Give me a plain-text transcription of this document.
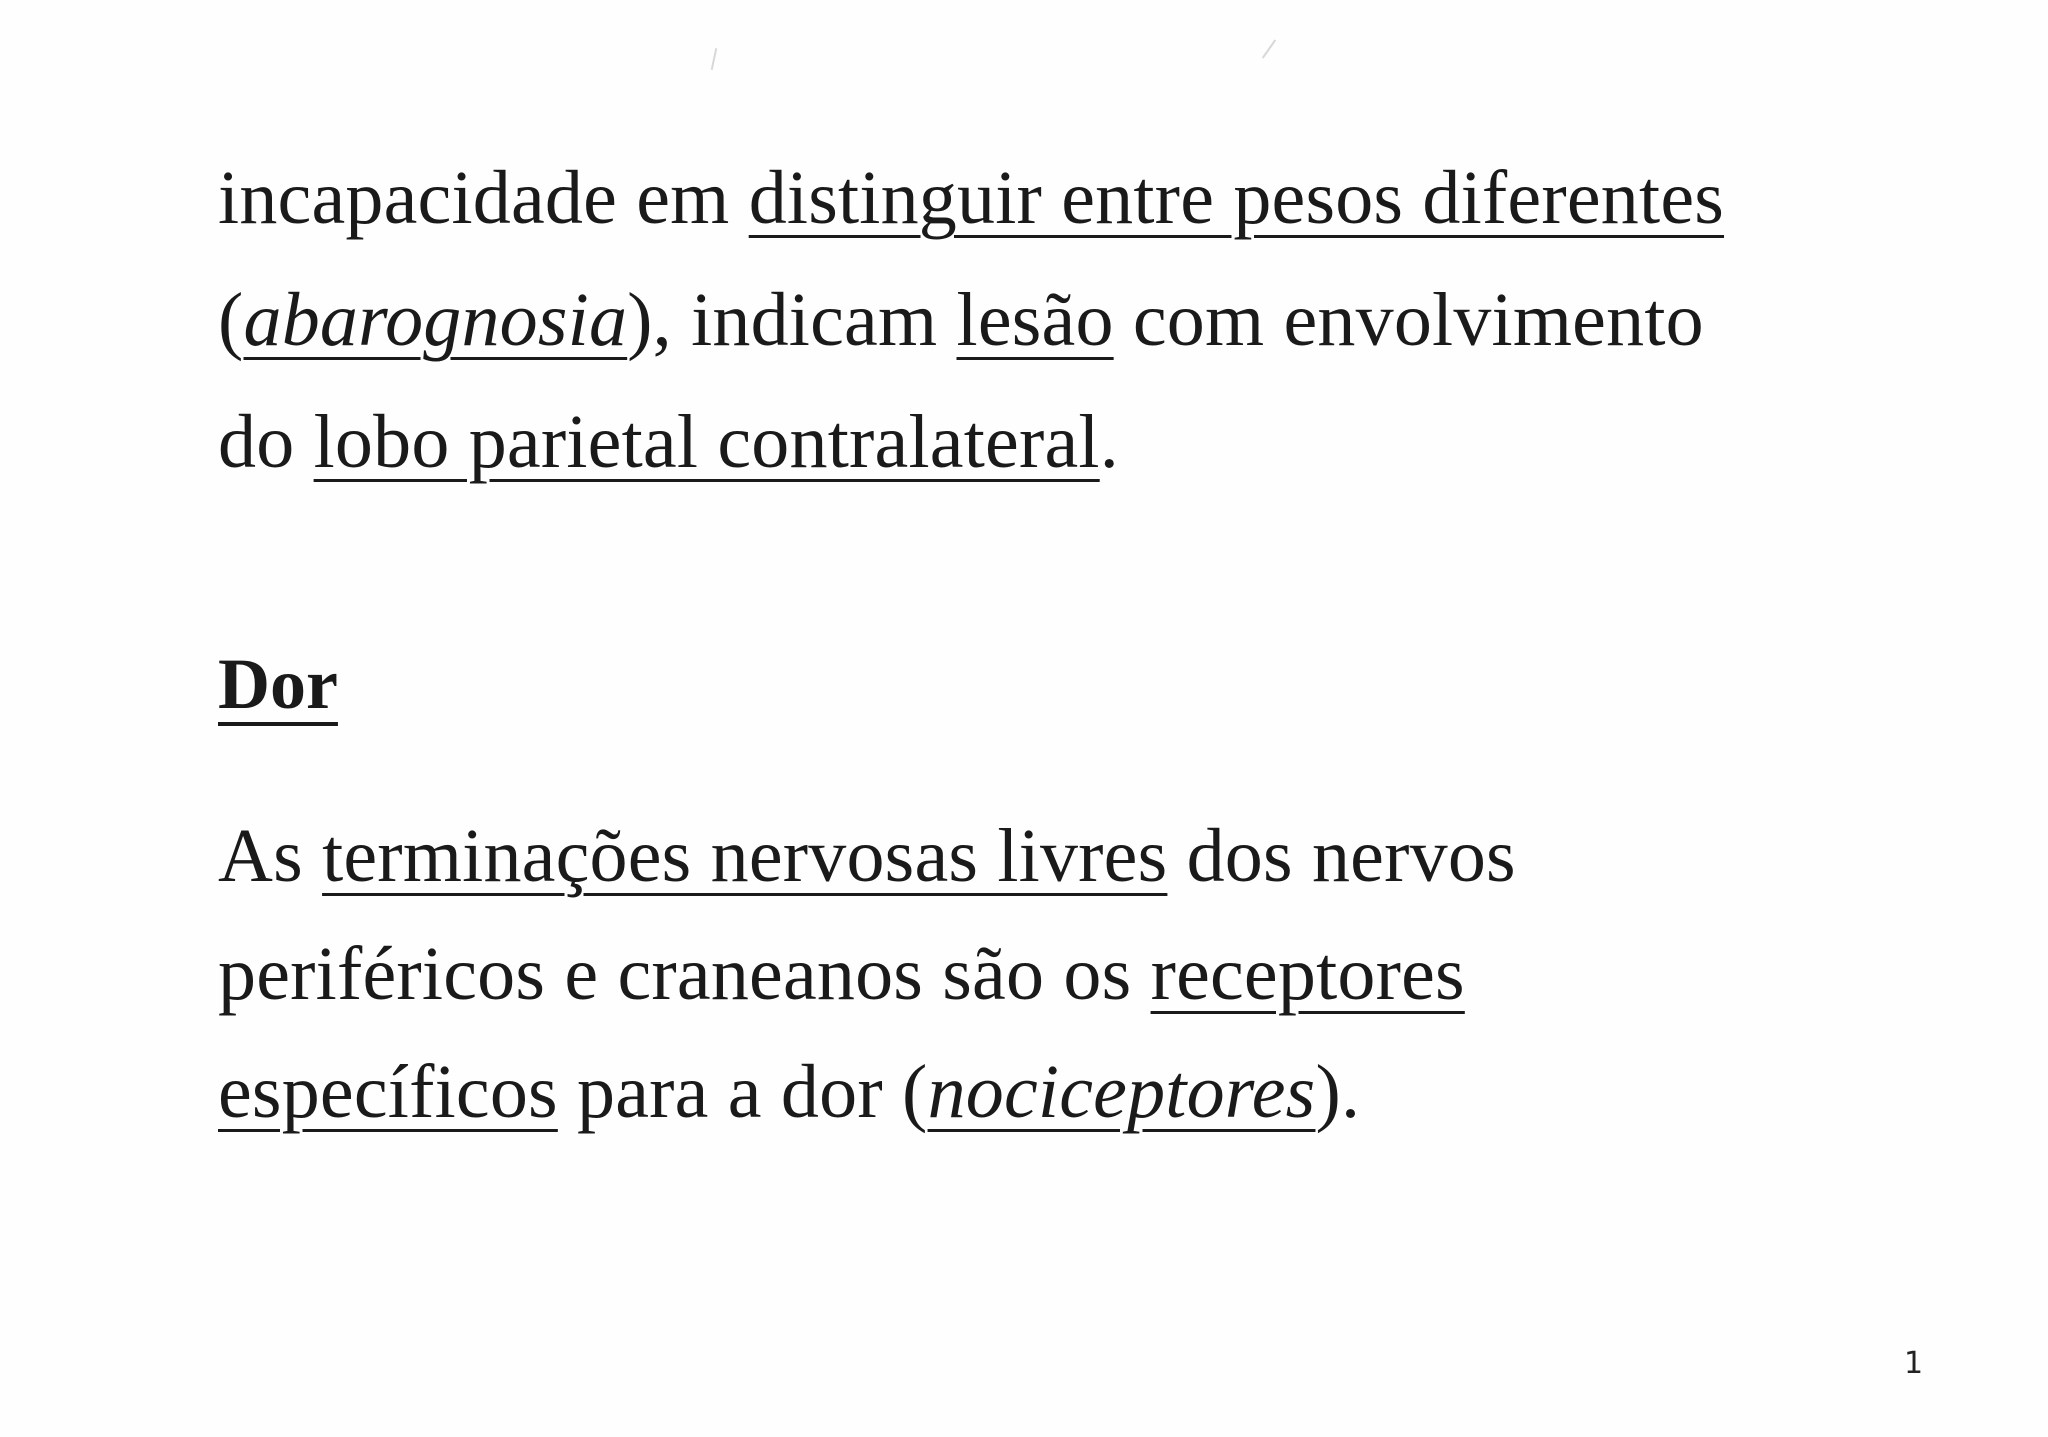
incapacidade em distinguir entre pesos diferentes
(abarognosia), indicam lesão com envolvimento
do lobo parietal contralateral.
Dor
As terminações nervosas livres dos nervos
periféricos e craneanos são os receptores
específicos para a dor (nociceptores).
1
